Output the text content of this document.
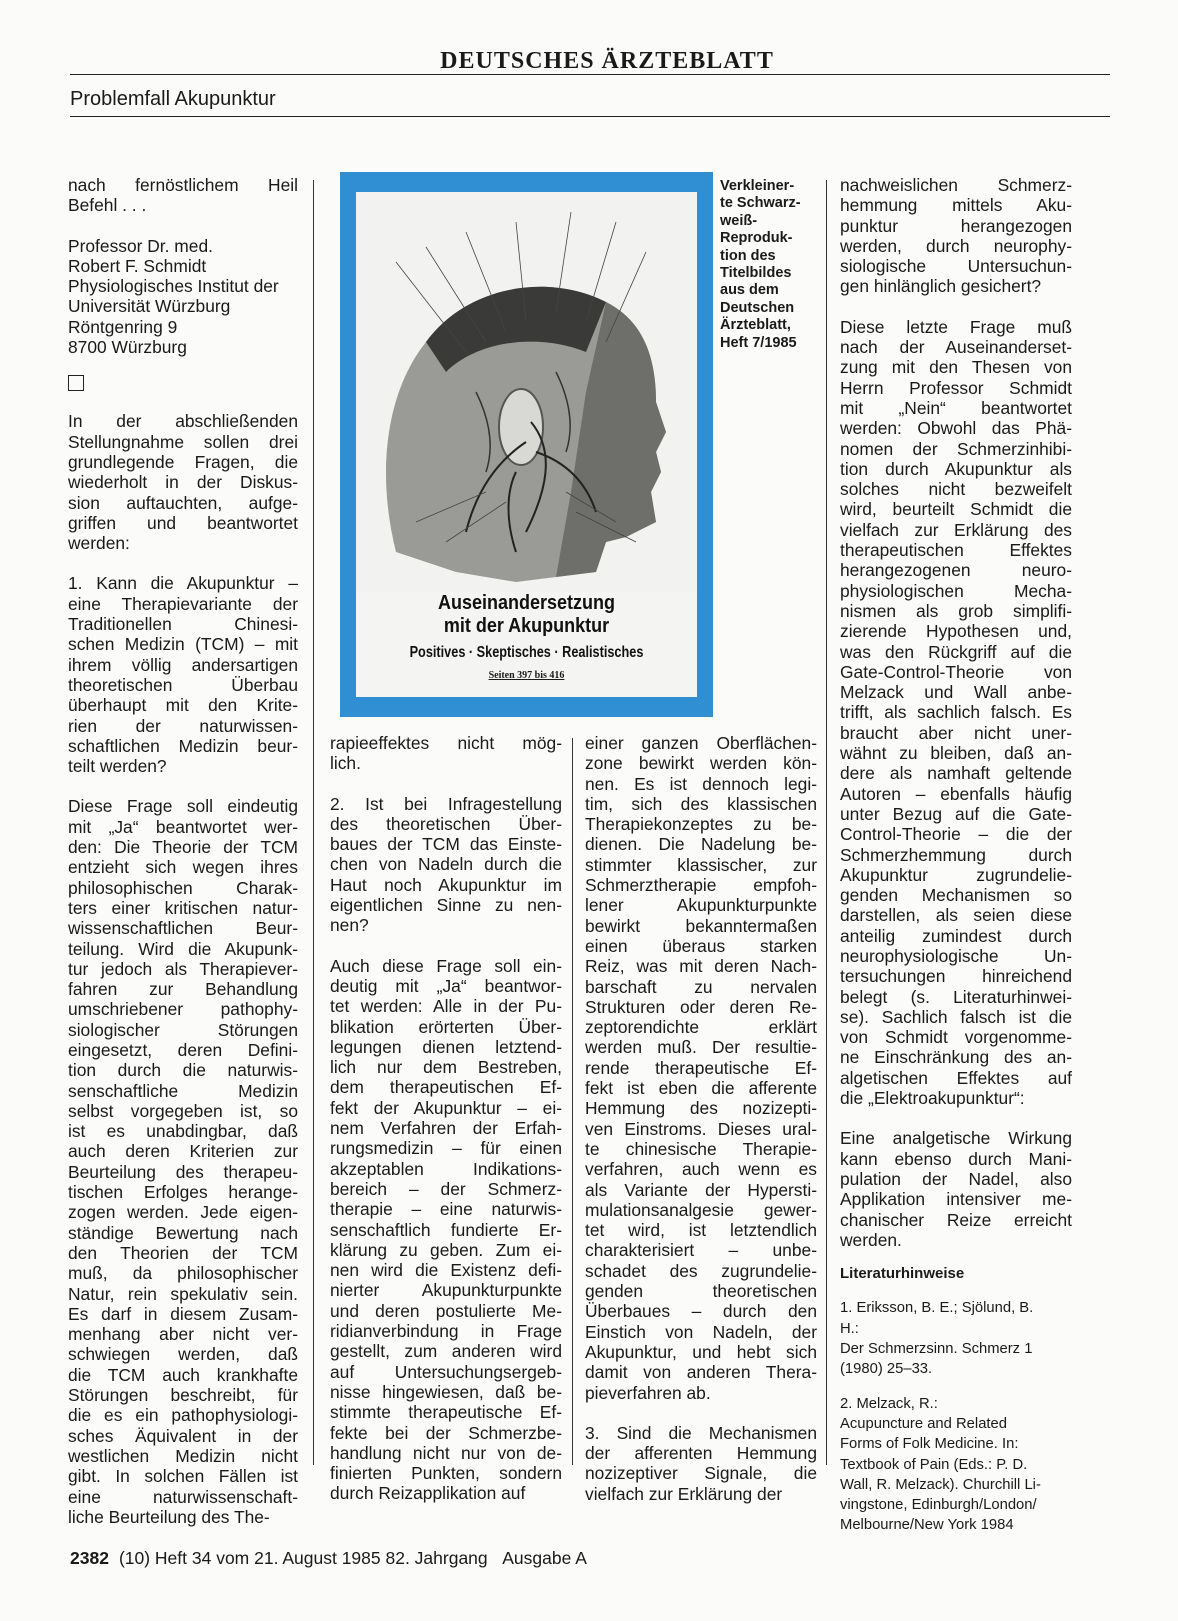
DEUTSCHES ÄRZTEBLATT
Problemfall Akupunktur
nach fernöstlichem Heil
Befehl . . .
Professor Dr. med.
Robert F. Schmidt
Physiologisches Institut der
Universität Würzburg
Röntgenring 9
8700 Würzburg
In der abschließenden
Stellungnahme sollen drei
grundlegende Fragen, die
wiederholt in der Diskus-
sion auftauchten, aufge-
griffen und beantwortet
werden:
1. Kann die Akupunktur –
eine Therapievariante der
Traditionellen Chinesi-
schen Medizin (TCM) – mit
ihrem völlig andersartigen
theoretischen Überbau
überhaupt mit den Krite-
rien der naturwissen-
schaftlichen Medizin beur-
teilt werden?
Diese Frage soll eindeutig
mit „Ja“ beantwortet wer-
den: Die Theorie der TCM
entzieht sich wegen ihres
philosophischen Charak-
ters einer kritischen natur-
wissenschaftlichen Beur-
teilung. Wird die Akupunk-
tur jedoch als Therapiever-
fahren zur Behandlung
umschriebener pathophy-
siologischer Störungen
eingesetzt, deren Defini-
tion durch die naturwis-
senschaftliche Medizin
selbst vorgegeben ist, so
ist es unabdingbar, daß
auch deren Kriterien zur
Beurteilung des therapeu-
tischen Erfolges herange-
zogen werden. Jede eigen-
ständige Bewertung nach
den Theorien der TCM
muß, da philosophischer
Natur, rein spekulativ sein.
Es darf in diesem Zusam-
menhang aber nicht ver-
schwiegen werden, daß
die TCM auch krankhafte
Störungen beschreibt, für
die es ein pathophysiologi-
sches Äquivalent in der
westlichen Medizin nicht
gibt. In solchen Fällen ist
eine naturwissenschaft-
liche Beurteilung des The-
Auseinandersetzung
mit der Akupunktur
Positives · Skeptisches · Realistisches
Seiten 397 bis 416
Verkleiner-
te Schwarz-
weiß-
Reproduk-
tion des
Titelbildes
aus dem
Deutschen
Ärzteblatt,
Heft 7/1985
rapieeffektes nicht mög-
lich.
2. Ist bei Infragestellung
des theoretischen Über-
baues der TCM das Einste-
chen von Nadeln durch die
Haut noch Akupunktur im
eigentlichen Sinne zu nen-
nen?
Auch diese Frage soll ein-
deutig mit „Ja“ beantwor-
tet werden: Alle in der Pu-
blikation erörterten Über-
legungen dienen letztend-
lich nur dem Bestreben,
dem therapeutischen Ef-
fekt der Akupunktur – ei-
nem Verfahren der Erfah-
rungsmedizin – für einen
akzeptablen Indikations-
bereich – der Schmerz-
therapie – eine naturwis-
senschaftlich fundierte Er-
klärung zu geben. Zum ei-
nen wird die Existenz defi-
nierter Akupunkturpunkte
und deren postulierte Me-
ridianverbindung in Frage
gestellt, zum anderen wird
auf Untersuchungsergeb-
nisse hingewiesen, daß be-
stimmte therapeutische Ef-
fekte bei der Schmerzbe-
handlung nicht nur von de-
finierten Punkten, sondern
durch Reizapplikation auf
einer ganzen Oberflächen-
zone bewirkt werden kön-
nen. Es ist dennoch legi-
tim, sich des klassischen
Therapiekonzeptes zu be-
dienen. Die Nadelung be-
stimmter klassischer, zur
Schmerztherapie empfoh-
lener Akupunkturpunkte
bewirkt bekanntermaßen
einen überaus starken
Reiz, was mit deren Nach-
barschaft zu nervalen
Strukturen oder deren Re-
zeptorendichte erklärt
werden muß. Der resultie-
rende therapeutische Ef-
fekt ist eben die afferente
Hemmung des nozizepti-
ven Einstroms. Dieses ural-
te chinesische Therapie-
verfahren, auch wenn es
als Variante der Hypersti-
mulationsanalgesie gewer-
tet wird, ist letztendlich
charakterisiert – unbe-
schadet des zugrundelie-
genden theoretischen
Überbaues – durch den
Einstich von Nadeln, der
Akupunktur, und hebt sich
damit von anderen Thera-
pieverfahren ab.
3. Sind die Mechanismen
der afferenten Hemmung
nozizeptiver Signale, die
vielfach zur Erklärung der
nachweislichen Schmerz-
hemmung mittels Aku-
punktur herangezogen
werden, durch neurophy-
siologische Untersuchun-
gen hinlänglich gesichert?
Diese letzte Frage muß
nach der Auseinanderset-
zung mit den Thesen von
Herrn Professor Schmidt
mit „Nein“ beantwortet
werden: Obwohl das Phä-
nomen der Schmerzinhibi-
tion durch Akupunktur als
solches nicht bezweifelt
wird, beurteilt Schmidt die
vielfach zur Erklärung des
therapeutischen Effektes
herangezogenen neuro-
physiologischen Mecha-
nismen als grob simplifi-
zierende Hypothesen und,
was den Rückgriff auf die
Gate-Control-Theorie von
Melzack und Wall anbe-
trifft, als sachlich falsch. Es
braucht aber nicht uner-
wähnt zu bleiben, daß an-
dere als namhaft geltende
Autoren – ebenfalls häufig
unter Bezug auf die Gate-
Control-Theorie – die der
Schmerzhemmung durch
Akupunktur zugrundelie-
genden Mechanismen so
darstellen, als seien diese
anteilig zumindest durch
neurophysiologische Un-
tersuchungen hinreichend
belegt (s. Literaturhinwei-
se). Sachlich falsch ist die
von Schmidt vorgenomme-
ne Einschränkung des an-
algetischen Effektes auf
die „Elektroakupunktur“:
Eine analgetische Wirkung
kann ebenso durch Mani-
pulation der Nadel, also
Applikation intensiver me-
chanischer Reize erreicht
werden.
Literaturhinweise
1. Eriksson, B. E.; Sjölund, B.
H.:
Der Schmerzsinn. Schmerz 1
(1980) 25–33.
2. Melzack, R.:
Acupuncture and Related
Forms of Folk Medicine. In:
Textbook of Pain (Eds.: P. D.
Wall, R. Melzack). Churchill Li-
vingstone, Edinburgh/London/
Melbourne/New York 1984
2382 (10) Heft 34 vom 21. August 1985 82. Jahrgang Ausgabe A
